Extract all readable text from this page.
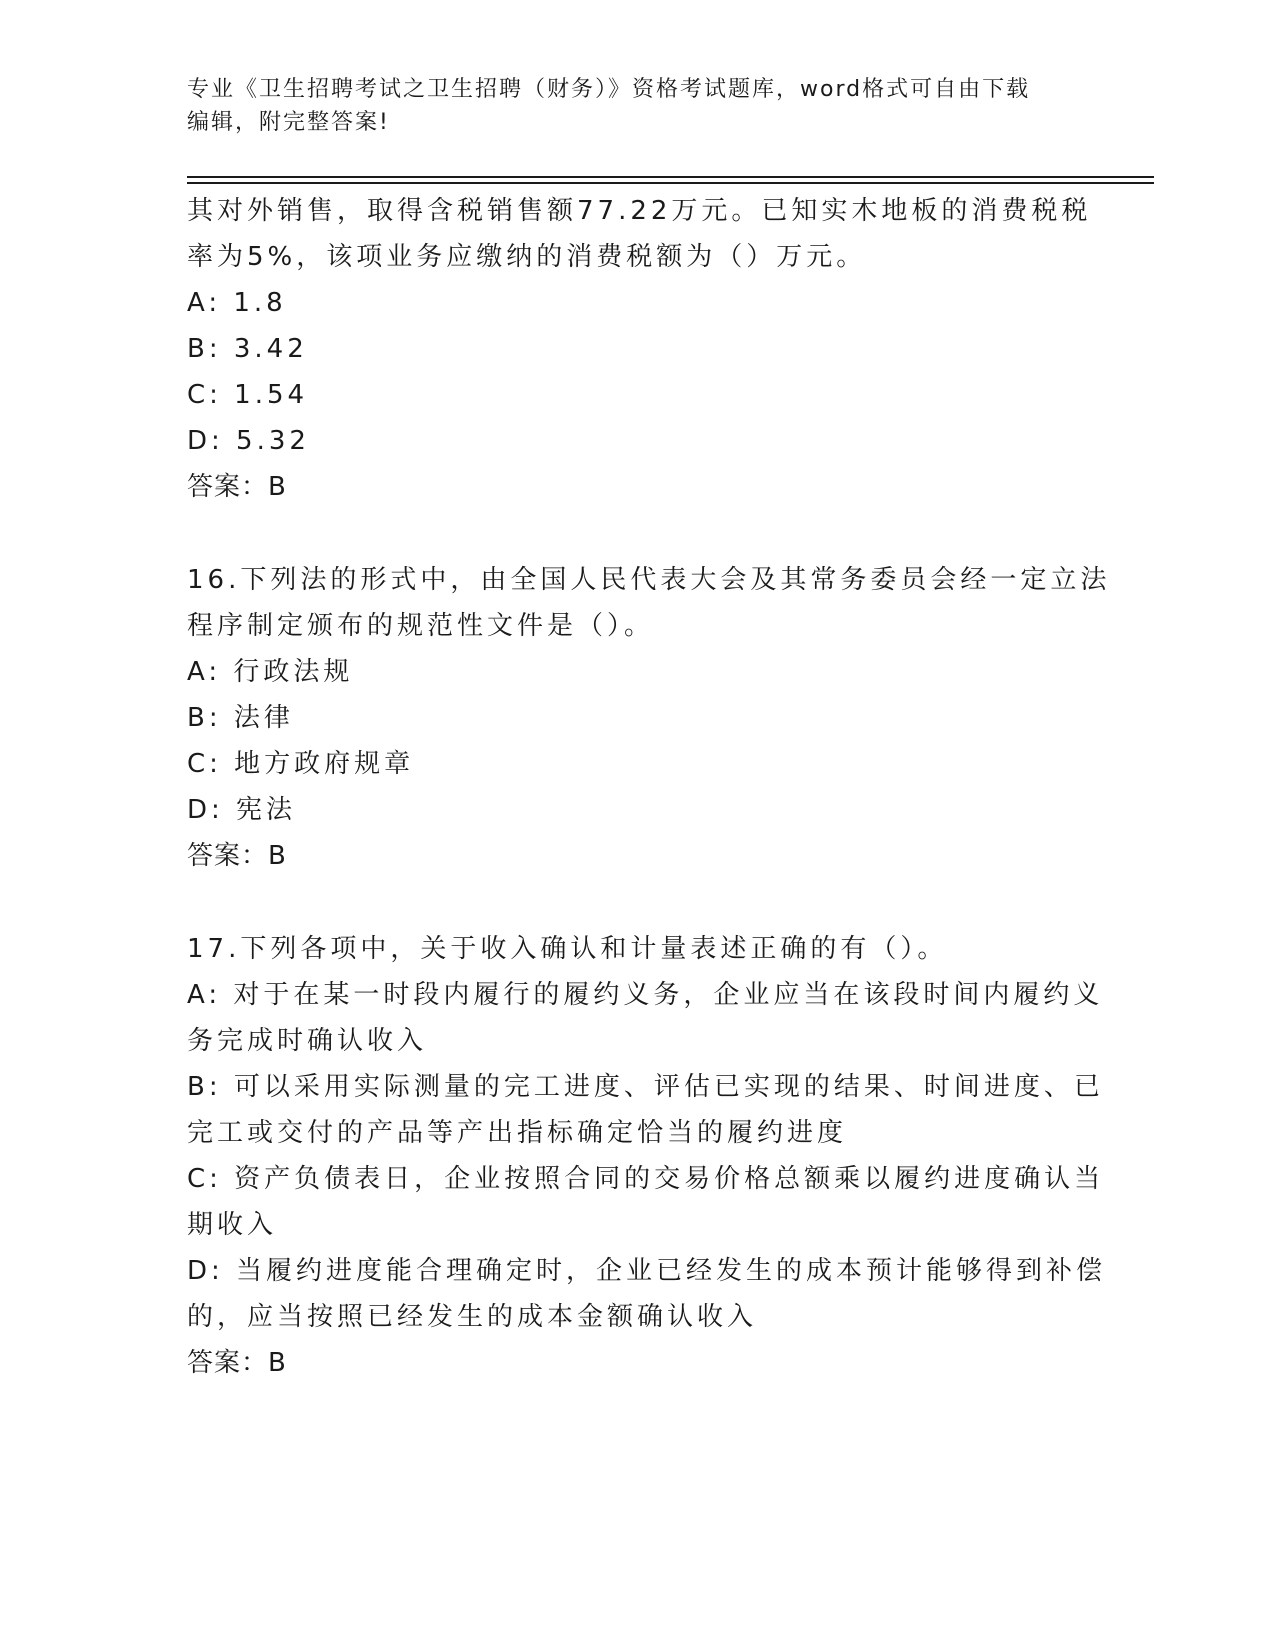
专业《卫生招聘考试之卫生招聘（财务）》资格考试题库，word格式可自由下载
编辑，附完整答案!
其对外销售，取得含税销售额77.22万元。已知实木地板的消费税税
率为5%，该项业务应缴纳的消费税额为（）万元。
A: 1.8
B: 3.42
C: 1.54
D: 5.32
答案：B
16.下列法的形式中，由全国人民代表大会及其常务委员会经一定立法
程序制定颁布的规范性文件是（）。
A: 行政法规
B: 法律
C: 地方政府规章
D: 宪法
答案：B
17.下列各项中，关于收入确认和计量表述正确的有（）。
A: 对于在某一时段内履行的履约义务，企业应当在该段时间内履约义
务完成时确认收入
B: 可以采用实际测量的完工进度、评估已实现的结果、时间进度、已
完工或交付的产品等产出指标确定恰当的履约进度
C: 资产负债表日，企业按照合同的交易价格总额乘以履约进度确认当
期收入
D: 当履约进度能合理确定时，企业已经发生的成本预计能够得到补偿
的，应当按照已经发生的成本金额确认收入
答案：B
